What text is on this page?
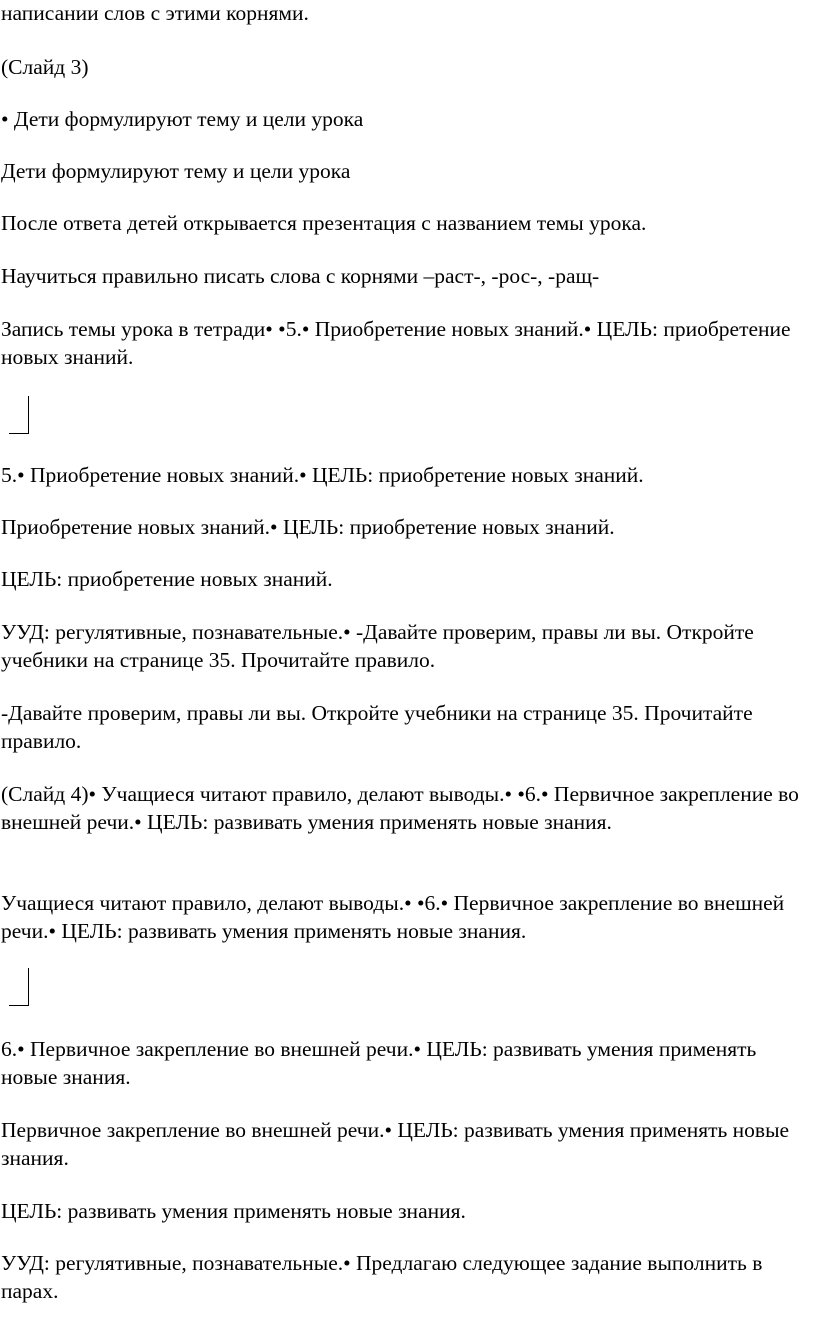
написании слов с этими корнями.

(Слайд 3)

• Дети формулируют тему и цели урока

Дети формулируют тему и цели урока

После ответа детей открывается презентация с названием темы урока.

Научиться правильно писать слова с корнями –раст-, -рос-, -ращ-

Запись темы урока в тетради• •5.• Приобретение новых знаний.• ЦЕЛЬ: приобретение новых знаний.

5.• Приобретение новых знаний.• ЦЕЛЬ: приобретение новых знаний.

Приобретение новых знаний.• ЦЕЛЬ: приобретение новых знаний.

ЦЕЛЬ: приобретение новых знаний.

УУД: регулятивные, познавательные.• -Давайте проверим, правы ли вы. Откройте учебники на странице 35. Прочитайте правило.

-Давайте проверим, правы ли вы. Откройте учебники на странице 35. Прочитайте правило.

(Слайд 4)• Учащиеся читают правило, делают выводы.• •6.• Первичное закрепление во внешней речи.• ЦЕЛЬ: развивать умения применять новые знания.

Учащиеся читают правило, делают выводы.• •6.• Первичное закрепление во внешней речи.• ЦЕЛЬ: развивать умения применять новые знания.

6.• Первичное закрепление во внешней речи.• ЦЕЛЬ: развивать умения применять новые знания.

Первичное закрепление во внешней речи.• ЦЕЛЬ: развивать умения применять новые знания.

ЦЕЛЬ: развивать умения применять новые знания.

УУД: регулятивные, познавательные.• Предлагаю следующее задание выполнить в парах.
